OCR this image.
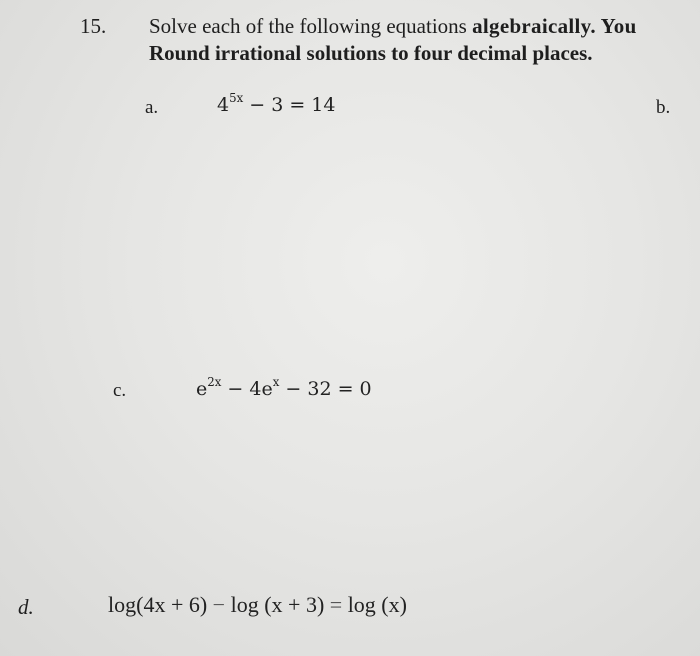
15. Solve each of the following equations algebraically. You
Round irrational solutions to four decimal places.
a.	$4^{5x} - 3 = 14$	b.
c.	$e^{2x} - 4e^x - 32 = 0$
d.	log(4x + 6) − log (x + 3) = log (x)
